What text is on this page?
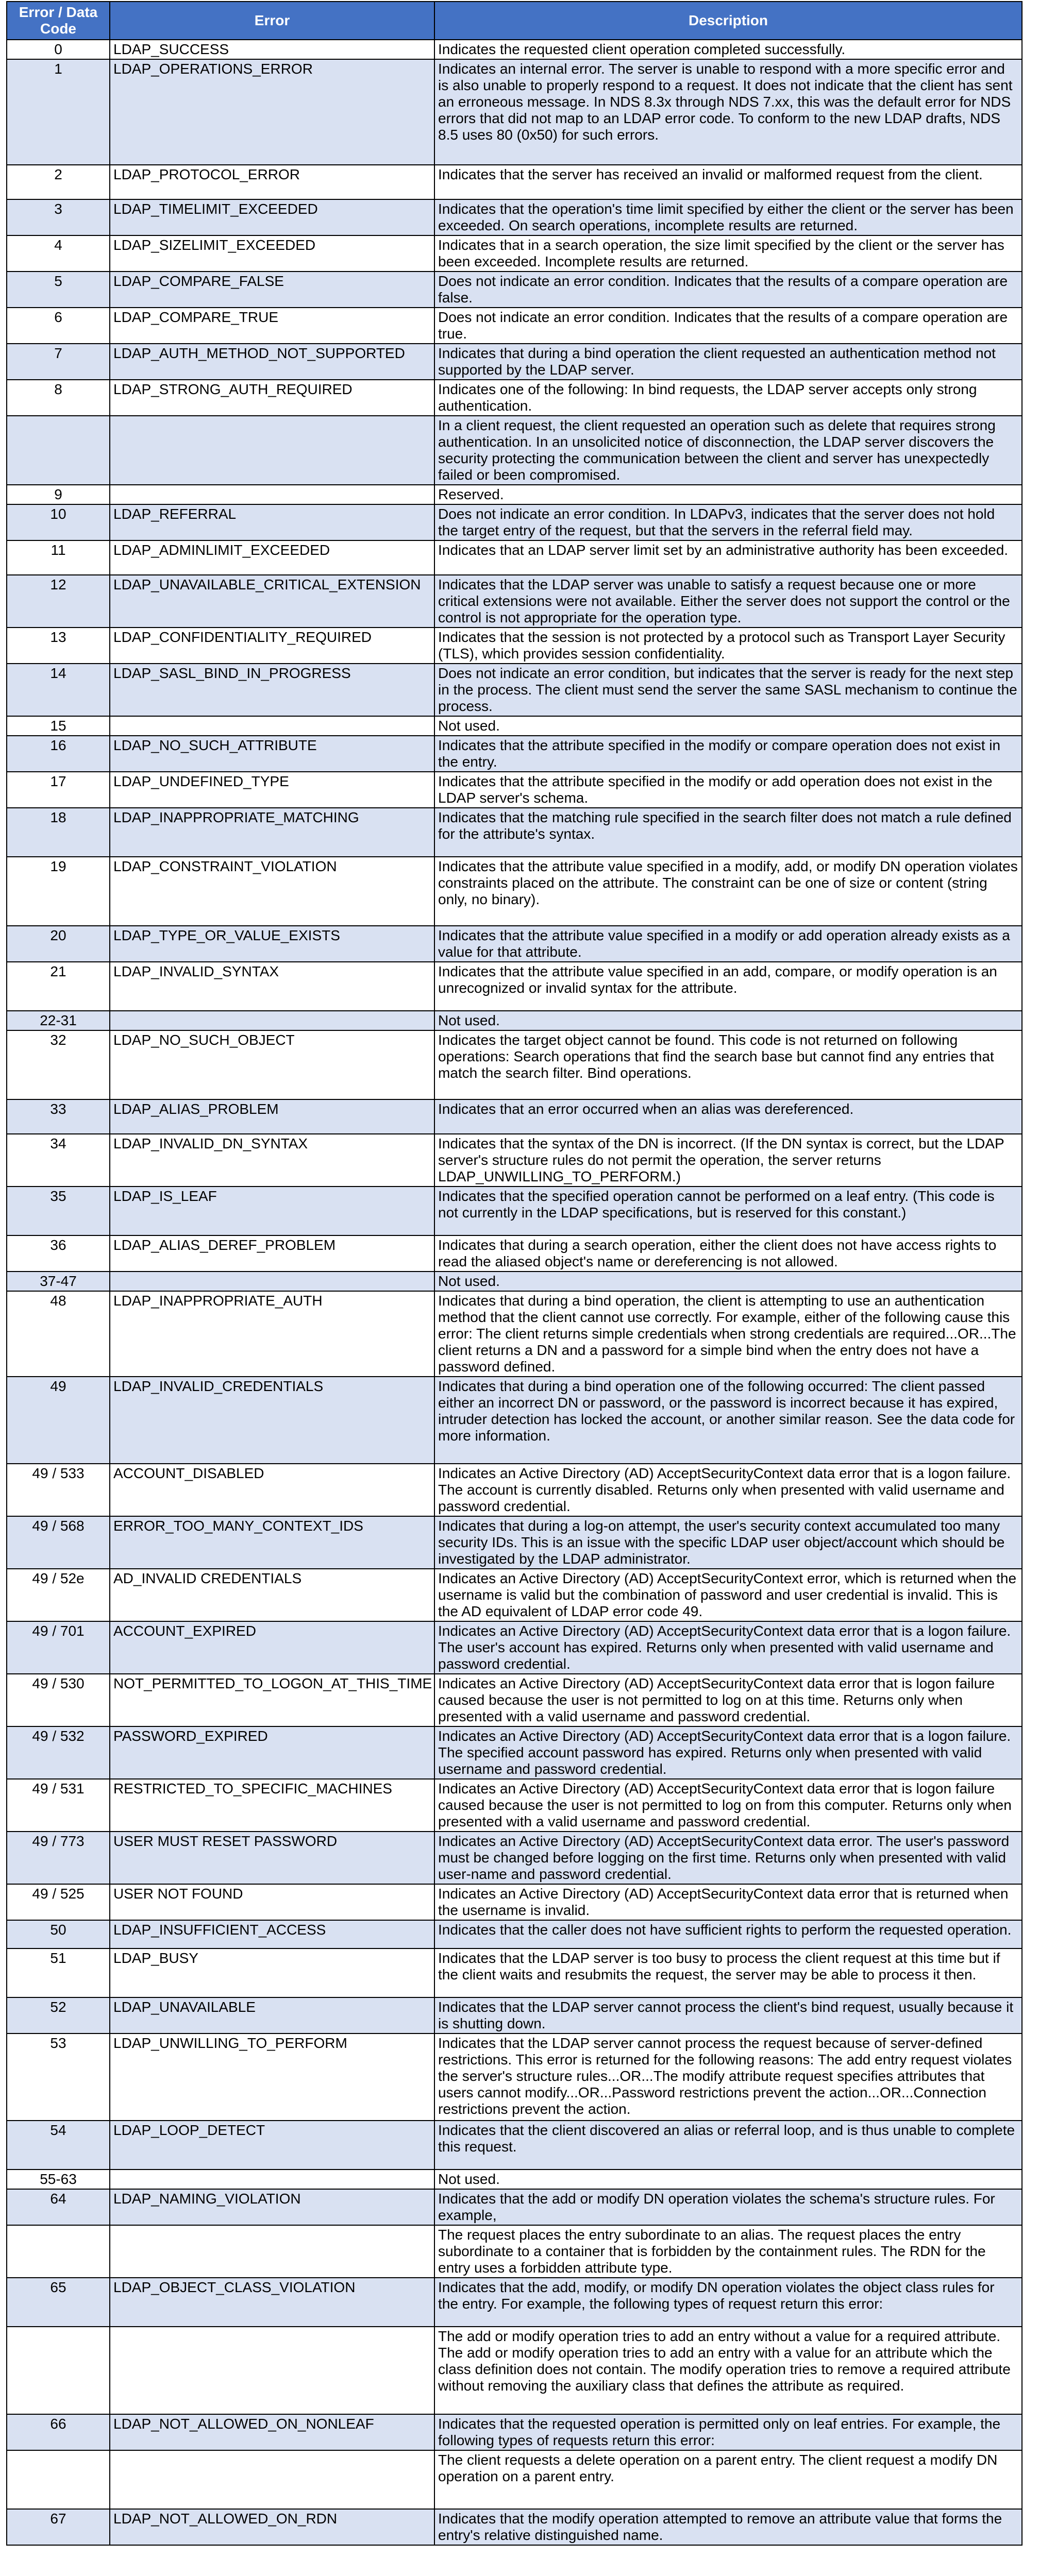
Error / Data Code	Error	Description
0	LDAP_SUCCESS	Indicates the requested client operation completed successfully.
1	LDAP_OPERATIONS_ERROR	Indicates an internal error. The server is unable to respond with a more specific error and is also unable to properly respond to a request. It does not indicate that the client has sent an erroneous message. In NDS 8.3x through NDS 7.xx, this was the default error for NDS errors that did not map to an LDAP error code. To conform to the new LDAP drafts, NDS 8.5 uses 80 (0x50) for such errors.
2	LDAP_PROTOCOL_ERROR	Indicates that the server has received an invalid or malformed request from the client.
3	LDAP_TIMELIMIT_EXCEEDED	Indicates that the operation's time limit specified by either the client or the server has been exceeded. On search operations, incomplete results are returned.
4	LDAP_SIZELIMIT_EXCEEDED	Indicates that in a search operation, the size limit specified by the client or the server has been exceeded. Incomplete results are returned.
5	LDAP_COMPARE_FALSE	Does not indicate an error condition. Indicates that the results of a compare operation are false.
6	LDAP_COMPARE_TRUE	Does not indicate an error condition. Indicates that the results of a compare operation are true.
7	LDAP_AUTH_METHOD_NOT_SUPPORTED	Indicates that during a bind operation the client requested an authentication method not supported by the LDAP server.
8	LDAP_STRONG_AUTH_REQUIRED	Indicates one of the following: In bind requests, the LDAP server accepts only strong authentication.
		In a client request, the client requested an operation such as delete that requires strong authentication. In an unsolicited notice of disconnection, the LDAP server discovers the security protecting the communication between the client and server has unexpectedly failed or been compromised.
9		Reserved.
10	LDAP_REFERRAL	Does not indicate an error condition. In LDAPv3, indicates that the server does not hold the target entry of the request, but that the servers in the referral field may.
11	LDAP_ADMINLIMIT_EXCEEDED	Indicates that an LDAP server limit set by an administrative authority has been exceeded.
12	LDAP_UNAVAILABLE_CRITICAL_EXTENSION	Indicates that the LDAP server was unable to satisfy a request because one or more critical extensions were not available. Either the server does not support the control or the control is not appropriate for the operation type.
13	LDAP_CONFIDENTIALITY_REQUIRED	Indicates that the session is not protected by a protocol such as Transport Layer Security (TLS), which provides session confidentiality.
14	LDAP_SASL_BIND_IN_PROGRESS	Does not indicate an error condition, but indicates that the server is ready for the next step in the process. The client must send the server the same SASL mechanism to continue the process.
15		Not used.
16	LDAP_NO_SUCH_ATTRIBUTE	Indicates that the attribute specified in the modify or compare operation does not exist in the entry.
17	LDAP_UNDEFINED_TYPE	Indicates that the attribute specified in the modify or add operation does not exist in the LDAP server's schema.
18	LDAP_INAPPROPRIATE_MATCHING	Indicates that the matching rule specified in the search filter does not match a rule defined for the attribute's syntax.
19	LDAP_CONSTRAINT_VIOLATION	Indicates that the attribute value specified in a modify, add, or modify DN operation violates constraints placed on the attribute. The constraint can be one of size or content (string only, no binary).
20	LDAP_TYPE_OR_VALUE_EXISTS	Indicates that the attribute value specified in a modify or add operation already exists as a value for that attribute.
21	LDAP_INVALID_SYNTAX	Indicates that the attribute value specified in an add, compare, or modify operation is an unrecognized or invalid syntax for the attribute.
22-31		Not used.
32	LDAP_NO_SUCH_OBJECT	Indicates the target object cannot be found. This code is not returned on following operations: Search operations that find the search base but cannot find any entries that match the search filter. Bind operations.
33	LDAP_ALIAS_PROBLEM	Indicates that an error occurred when an alias was dereferenced.
34	LDAP_INVALID_DN_SYNTAX	Indicates that the syntax of the DN is incorrect. (If the DN syntax is correct, but the LDAP server's structure rules do not permit the operation, the server returns LDAP_UNWILLING_TO_PERFORM.)
35	LDAP_IS_LEAF	Indicates that the specified operation cannot be performed on a leaf entry. (This code is not currently in the LDAP specifications, but is reserved for this constant.)
36	LDAP_ALIAS_DEREF_PROBLEM	Indicates that during a search operation, either the client does not have access rights to read the aliased object's name or dereferencing is not allowed.
37-47		Not used.
48	LDAP_INAPPROPRIATE_AUTH	Indicates that during a bind operation, the client is attempting to use an authentication method that the client cannot use correctly. For example, either of the following cause this error: The client returns simple credentials when strong credentials are required...OR...The client returns a DN and a password for a simple bind when the entry does not have a password defined.
49	LDAP_INVALID_CREDENTIALS	Indicates that during a bind operation one of the following occurred: The client passed either an incorrect DN or password, or the password is incorrect because it has expired, intruder detection has locked the account, or another similar reason. See the data code for more information.
49 / 533	ACCOUNT_DISABLED	Indicates an Active Directory (AD) AcceptSecurityContext data error that is a logon failure. The account is currently disabled. Returns only when presented with valid username and password credential.
49 / 568	ERROR_TOO_MANY_CONTEXT_IDS	Indicates that during a log-on attempt, the user's security context accumulated too many security IDs. This is an issue with the specific LDAP user object/account which should be investigated by the LDAP administrator.
49 / 52e	AD_INVALID CREDENTIALS	Indicates an Active Directory (AD) AcceptSecurityContext error, which is returned when the username is valid but the combination of password and user credential is invalid. This is the AD equivalent of LDAP error code 49.
49 / 701	ACCOUNT_EXPIRED	Indicates an Active Directory (AD) AcceptSecurityContext data error that is a logon failure. The user's account has expired. Returns only when presented with valid username and password credential.
49 / 530	NOT_PERMITTED_TO_LOGON_AT_THIS_TIME	Indicates an Active Directory (AD) AcceptSecurityContext data error that is logon failure caused because the user is not permitted to log on at this time. Returns only when presented with a valid username and password credential.
49 / 532	PASSWORD_EXPIRED	Indicates an Active Directory (AD) AcceptSecurityContext data error that is a logon failure. The specified account password has expired. Returns only when presented with valid username and password credential.
49 / 531	RESTRICTED_TO_SPECIFIC_MACHINES	Indicates an Active Directory (AD) AcceptSecurityContext data error that is logon failure caused because the user is not permitted to log on from this computer. Returns only when presented with a valid username and password credential.
49 / 773	USER MUST RESET PASSWORD	Indicates an Active Directory (AD) AcceptSecurityContext data error. The user's password must be changed before logging on the first time. Returns only when presented with valid user-name and password credential.
49 / 525	USER NOT FOUND	Indicates an Active Directory (AD) AcceptSecurityContext data error that is returned when the username is invalid.
50	LDAP_INSUFFICIENT_ACCESS	Indicates that the caller does not have sufficient rights to perform the requested operation.
51	LDAP_BUSY	Indicates that the LDAP server is too busy to process the client request at this time but if the client waits and resubmits the request, the server may be able to process it then.
52	LDAP_UNAVAILABLE	Indicates that the LDAP server cannot process the client's bind request, usually because it is shutting down.
53	LDAP_UNWILLING_TO_PERFORM	Indicates that the LDAP server cannot process the request because of server-defined restrictions. This error is returned for the following reasons: The add entry request violates the server's structure rules...OR...The modify attribute request specifies attributes that users cannot modify...OR...Password restrictions prevent the action...OR...Connection restrictions prevent the action.
54	LDAP_LOOP_DETECT	Indicates that the client discovered an alias or referral loop, and is thus unable to complete this request.
55-63		Not used.
64	LDAP_NAMING_VIOLATION	Indicates that the add or modify DN operation violates the schema's structure rules. For example,
		The request places the entry subordinate to an alias. The request places the entry subordinate to a container that is forbidden by the containment rules. The RDN for the entry uses a forbidden attribute type.
65	LDAP_OBJECT_CLASS_VIOLATION	Indicates that the add, modify, or modify DN operation violates the object class rules for the entry. For example, the following types of request return this error:
		The add or modify operation tries to add an entry without a value for a required attribute. The add or modify operation tries to add an entry with a value for an attribute which the class definition does not contain. The modify operation tries to remove a required attribute without removing the auxiliary class that defines the attribute as required.
66	LDAP_NOT_ALLOWED_ON_NONLEAF	Indicates that the requested operation is permitted only on leaf entries. For example, the following types of requests return this error:
		The client requests a delete operation on a parent entry. The client request a modify DN operation on a parent entry.
67	LDAP_NOT_ALLOWED_ON_RDN	Indicates that the modify operation attempted to remove an attribute value that forms the entry's relative distinguished name.
